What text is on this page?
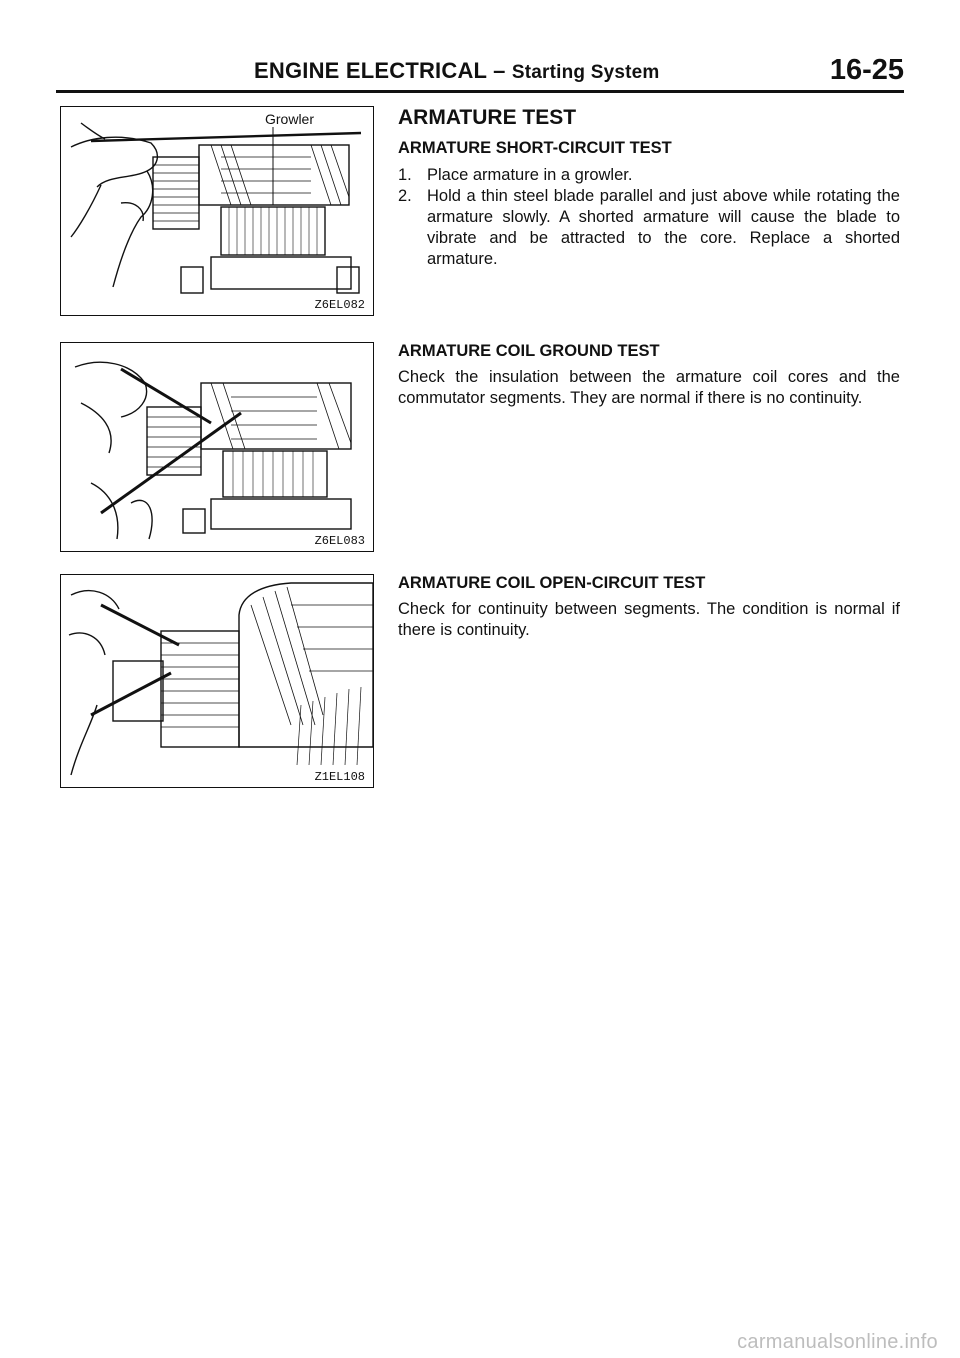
ENGINE ELECTRICAL – Starting System	16-25
Growler
Z6EL082
Z6EL083
Z1EL108
ARMATURE TEST
ARMATURE SHORT-CIRCUIT TEST
1. Place armature in a growler.
2. Hold a thin steel blade parallel and just above while rotating the armature slowly. A shorted armature will cause the blade to vibrate and be attracted to the core. Replace a shorted armature.
ARMATURE COIL GROUND TEST

Check the insulation between the armature coil cores and the commutator segments. They are normal if there is no continuity.

ARMATURE COIL OPEN-CIRCUIT TEST

Check for continuity between segments. The condition is normal if there is continuity.

carmanualsonline.info
